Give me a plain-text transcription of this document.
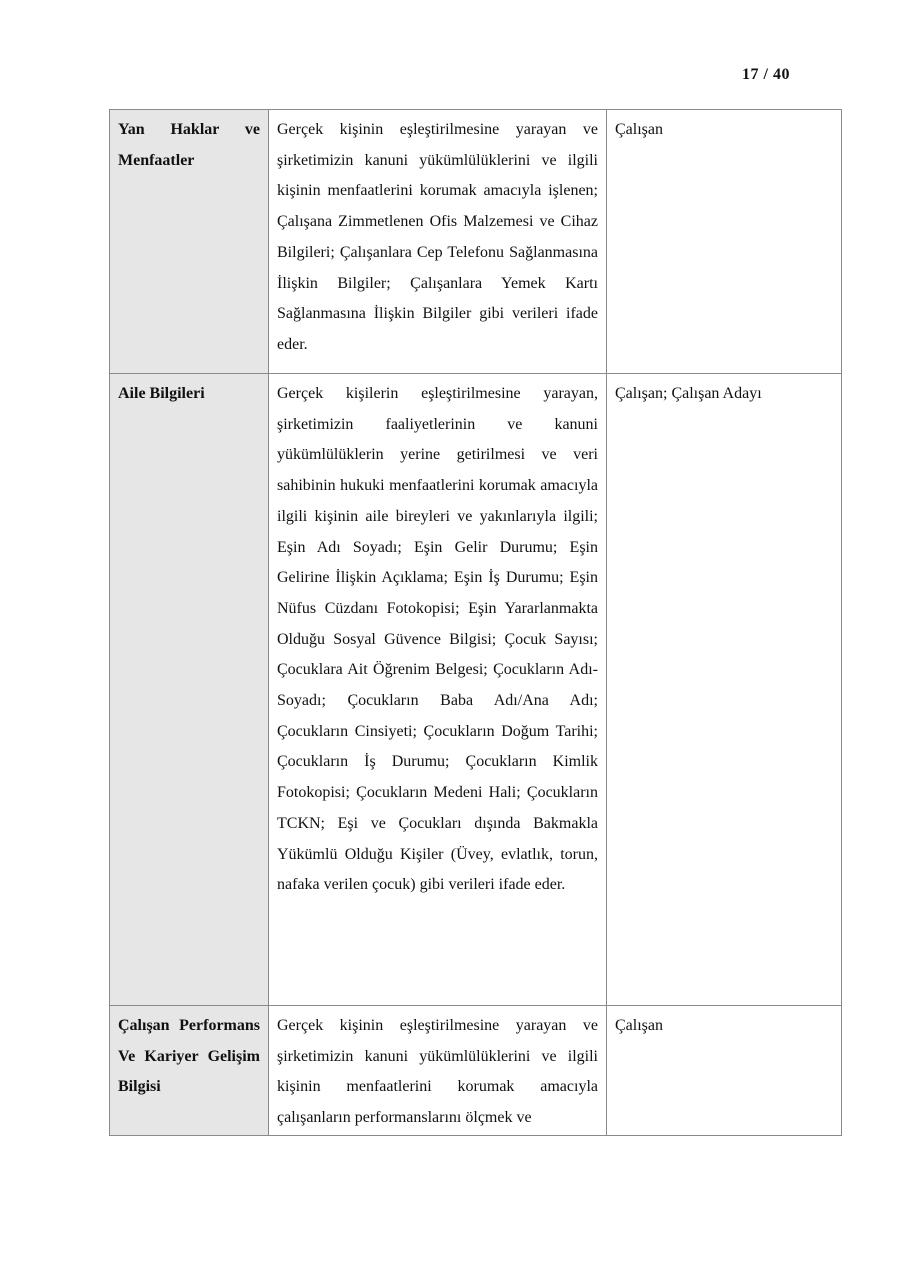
17 / 40
Yan Haklar ve Menfaatler	Gerçek kişinin eşleştirilmesine yarayan ve şirketimizin kanuni yükümlülüklerini ve ilgili kişinin menfaatlerini korumak amacıyla işlenen; Çalışana Zimmetlenen Ofis Malzemesi ve Cihaz Bilgileri; Çalışanlara Cep Telefonu Sağlanmasına İlişkin Bilgiler; Çalışanlara Yemek Kartı Sağlanmasına İlişkin Bilgiler gibi verileri ifade eder.	Çalışan
Aile Bilgileri	Gerçek kişilerin eşleştirilmesine yarayan, şirketimizin faaliyetlerinin ve kanuni yükümlülüklerin yerine getirilmesi ve veri sahibinin hukuki menfaatlerini korumak amacıyla ilgili kişinin aile bireyleri ve yakınlarıyla ilgili; Eşin Adı Soyadı; Eşin Gelir Durumu; Eşin Gelirine İlişkin Açıklama; Eşin İş Durumu; Eşin Nüfus Cüzdanı Fotokopisi; Eşin Yararlanmakta Olduğu Sosyal Güvence Bilgisi; Çocuk Sayısı; Çocuklara Ait Öğrenim Belgesi; Çocukların Adı-Soyadı; Çocukların Baba Adı/Ana Adı; Çocukların Cinsiyeti; Çocukların Doğum Tarihi; Çocukların İş Durumu; Çocukların Kimlik Fotokopisi; Çocukların Medeni Hali; Çocukların TCKN; Eşi ve Çocukları dışında Bakmakla Yükümlü Olduğu Kişiler (Üvey, evlatlık, torun, nafaka verilen çocuk) gibi verileri ifade eder.	Çalışan; Çalışan Adayı
Çalışan Performans Ve Kariyer Gelişim Bilgisi	Gerçek kişinin eşleştirilmesine yarayan ve şirketimizin kanuni yükümlülüklerini ve ilgili kişinin menfaatlerini korumak amacıyla çalışanların performanslarını ölçmek ve	Çalışan
